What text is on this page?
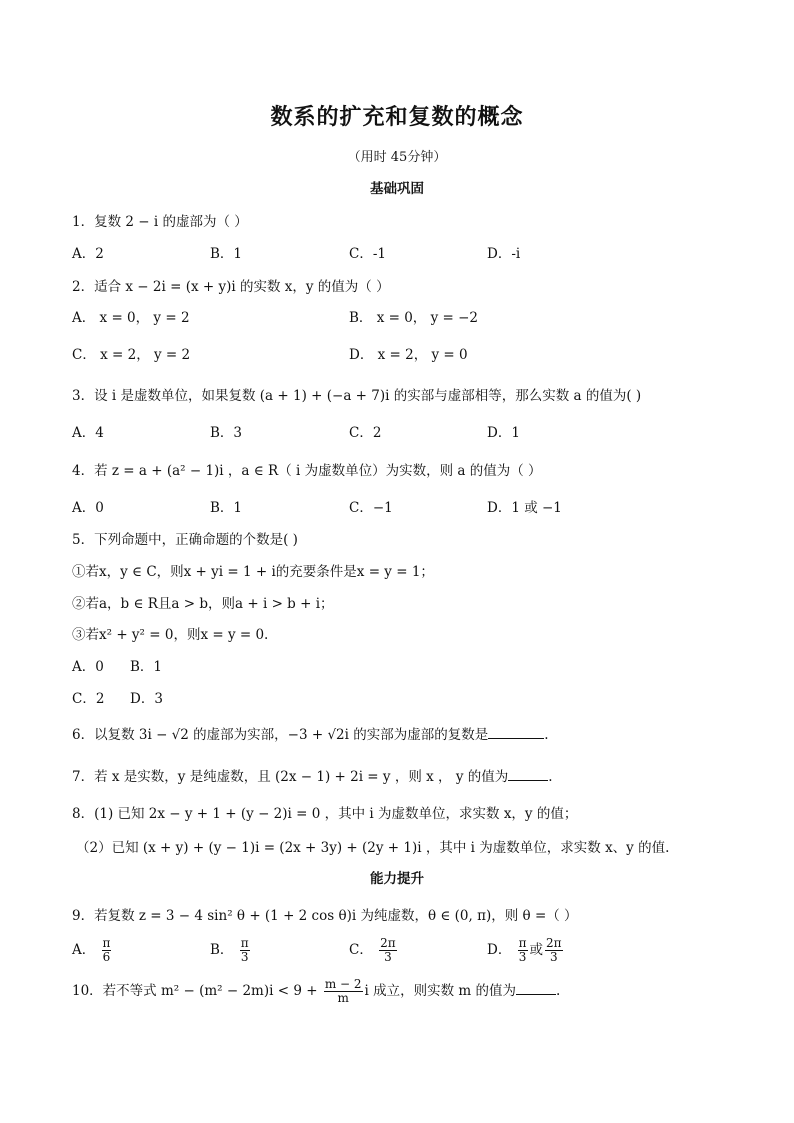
数系的扩充和复数的概念
（用时 45分钟）
基础巩固
1．复数 2 − i 的虚部为（ ）
A．2	B．1	C．-1	D．-i
2．适合 x − 2i = (x + y)i 的实数 x，y 的值为（ ）
A． x = 0， y = 2	B． x = 0， y = −2
C． x = 2， y = 2	D． x = 2， y = 0
3．设 i 是虚数单位，如果复数 (a + 1) + (−a + 7)i 的实部与虚部相等，那么实数 a 的值为( )
A．4	B．3	C．2	D．1
4．若 z = a + (a² − 1)i ，a ∈ R（ i 为虚数单位）为实数，则 a 的值为（ ）
A．0	B．1	C．−1	D．1 或 −1
5．下列命题中，正确命题的个数是( )
①若x，y ∈ C，则x + yi = 1 + i的充要条件是x = y = 1；
②若a，b ∈ R且a > b，则a + i > b + i；
③若x² + y² = 0，则x = y = 0.
A．0 B．1
C．2 D．3
6．以复数 3i − √2 的虚部为实部，−3 + √2i 的实部为虚部的复数是	.
7．若 x 是实数，y 是纯虚数，且 (2x − 1) + 2i = y ，则 x ， y 的值为	.
8．(1) 已知 2x − y + 1 + (y − 2)i = 0 ，其中 i 为虚数单位，求实数 x，y 的值；
（2）已知 (x + y) + (y − 1)i = (2x + 3y) + (2y + 1)i ，其中 i 为虚数单位，求实数 x、y 的值.
能力提升
9．若复数 z = 3 − 4 sin² θ + (1 + 2 cos θ)i 为纯虚数，θ ∈ (0, π)，则 θ =（ ）
A． $\frac{\pi}{6}$	B． $\frac{\pi}{3}$	C． $\frac{2\pi}{3}$	D． $\frac{\pi}{3}$ 或 $\frac{2\pi}{3}$
10．若不等式 $m^2 - (m^2 - 2m)i < 9 + \frac{m - 2}{m}$ i 成立，则实数 m 的值为	.
